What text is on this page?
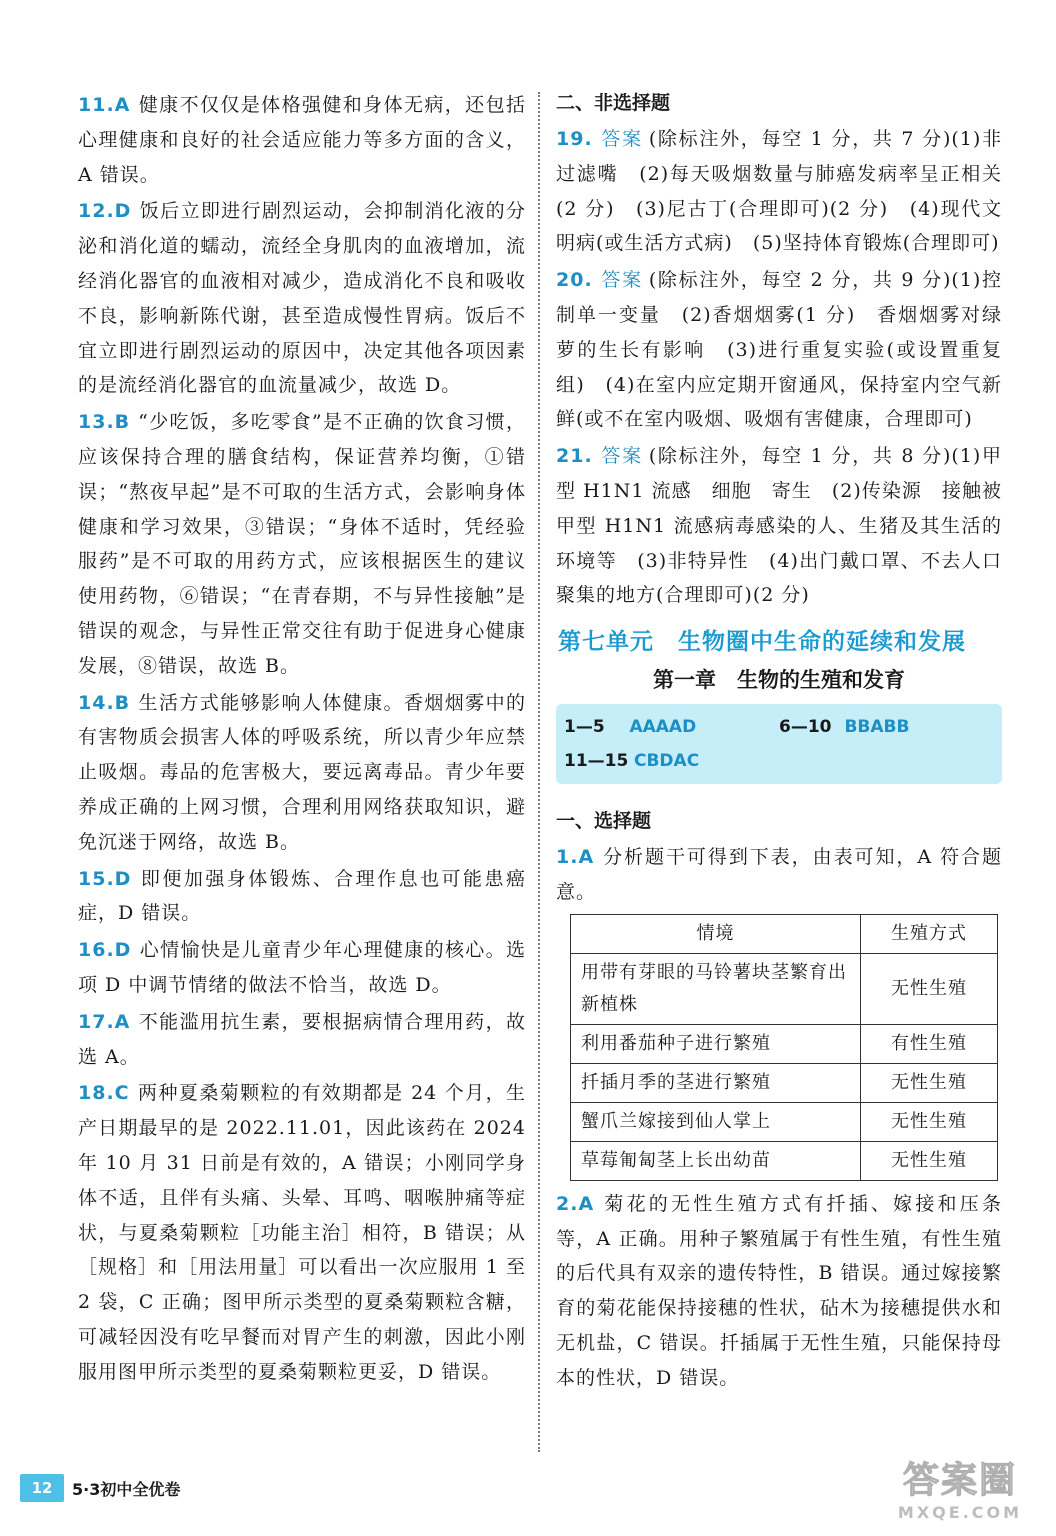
11.A 健康不仅仅是体格强健和身体无病，还包括心理健康和良好的社会适应能力等多方面的含义，A 错误。

12.D 饭后立即进行剧烈运动，会抑制消化液的分泌和消化道的蠕动，流经全身肌肉的血液增加，流经消化器官的血液相对减少，造成消化不良和吸收不良，影响新陈代谢，甚至造成慢性胃病。饭后不宜立即进行剧烈运动的原因中，决定其他各项因素的是流经消化器官的血流量减少，故选 D。

13.B “少吃饭，多吃零食”是不正确的饮食习惯，应该保持合理的膳食结构，保证营养均衡，①错误；“熬夜早起”是不可取的生活方式，会影响身体健康和学习效果，③错误；“身体不适时，凭经验服药”是不可取的用药方式，应该根据医生的建议使用药物，⑥错误；“在青春期，不与异性接触”是错误的观念，与异性正常交往有助于促进身心健康发展，⑧错误，故选 B。

14.B 生活方式能够影响人体健康。香烟烟雾中的有害物质会损害人体的呼吸系统，所以青少年应禁止吸烟。毒品的危害极大，要远离毒品。青少年要养成正确的上网习惯，合理利用网络获取知识，避免沉迷于网络，故选 B。

15.D 即便加强身体锻炼、合理作息也可能患癌症，D 错误。

16.D 心情愉快是儿童青少年心理健康的核心。选项 D 中调节情绪的做法不恰当，故选 D。

17.A 不能滥用抗生素，要根据病情合理用药，故选 A。

18.C 两种夏桑菊颗粒的有效期都是 24 个月，生产日期最早的是 2022.11.01，因此该药在 2024 年 10 月 31 日前是有效的，A 错误；小刚同学身体不适，且伴有头痛、头晕、耳鸣、咽喉肿痛等症状，与夏桑菊颗粒［功能主治］相符，B 错误；从［规格］和［用法用量］可以看出一次应服用 1 至 2 袋，C 正确；图甲所示类型的夏桑菊颗粒含糖，可减轻因没有吃早餐而对胃产生的刺激，因此小刚服用图甲所示类型的夏桑菊颗粒更妥，D 错误。

二、非选择题

19. 答案 (除标注外，每空 1 分，共 7 分)(1)非过滤嘴　(2)每天吸烟数量与肺癌发病率呈正相关(2 分)　(3)尼古丁(合理即可)(2 分)　(4)现代文明病(或生活方式病)　(5)坚持体育锻炼(合理即可)

20. 答案 (除标注外，每空 2 分，共 9 分)(1)控制单一变量　(2)香烟烟雾(1 分)　香烟烟雾对绿萝的生长有影响　(3)进行重复实验(或设置重复组)　(4)在室内应定期开窗通风，保持室内空气新鲜(或不在室内吸烟、吸烟有害健康，合理即可)

21. 答案 (除标注外，每空 1 分，共 8 分)(1)甲型 H1N1 流感　细胞　寄生　(2)传染源　接触被甲型 H1N1 流感病毒感染的人、生猪及其生活的环境等　(3)非特异性　(4)出门戴口罩、不去人口聚集的地方(合理即可)(2 分)

第七单元　生物圈中生命的延续和发展
第一章　生物的生殖和发育
1—5	AAAAD	6—10 BBABB
11—15 CBDAC
一、选择题

1.A 分析题干可得到下表，由表可知，A 符合题意。

情境	生殖方式
用带有芽眼的马铃薯块茎繁育出新植株	无性生殖
利用番茄种子进行繁殖	有性生殖
扦插月季的茎进行繁殖	无性生殖
蟹爪兰嫁接到仙人掌上	无性生殖
草莓匍匐茎上长出幼苗	无性生殖

2.A 菊花的无性生殖方式有扦插、嫁接和压条等，A 正确。用种子繁殖属于有性生殖，有性生殖的后代具有双亲的遗传特性，B 错误。通过嫁接繁育的菊花能保持接穗的性状，砧木为接穗提供水和无机盐，C 错误。扦插属于无性生殖，只能保持母本的性状，D 错误。

12	5·3初中全优卷	答案圈
MXQE.COM
